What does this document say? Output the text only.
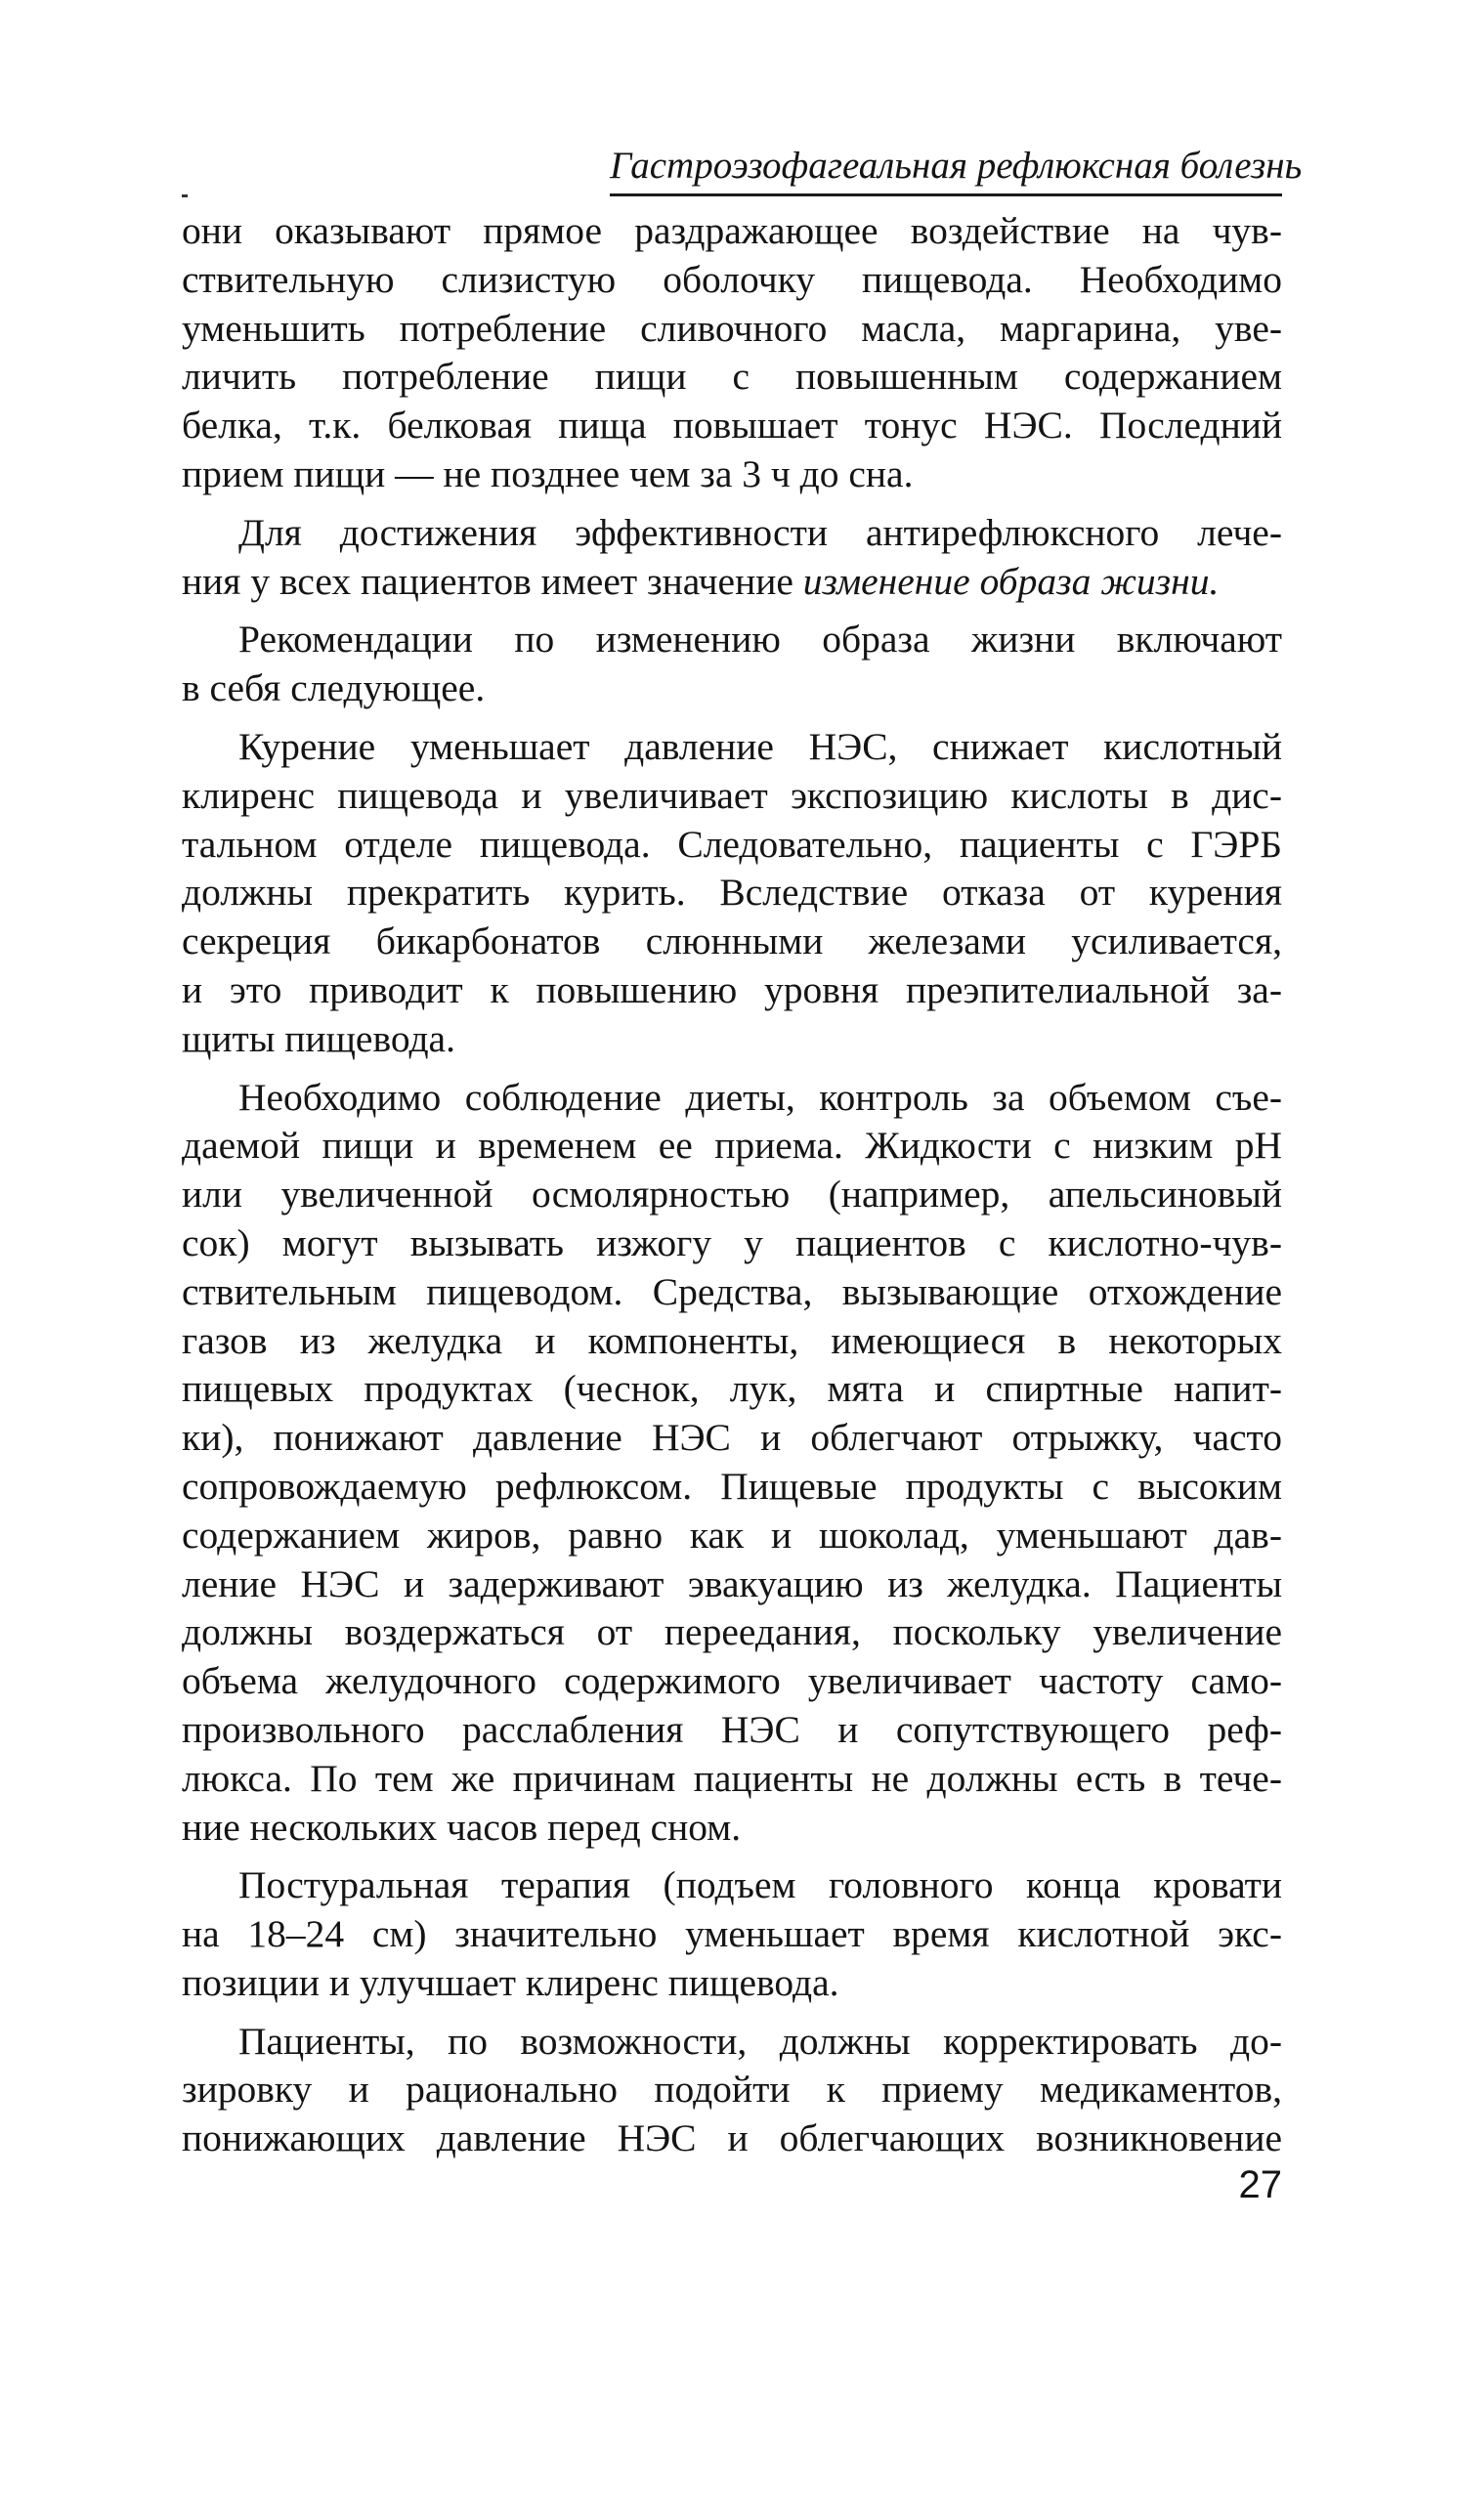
Гастроэзофагеальная рефлюксная болезнь
они оказывают прямое раздражающее воздействие на чув-
ствительную слизистую оболочку пищевода. Необходимо
уменьшить потребление сливочного масла, маргарина, уве-
личить потребление пищи с повышенным содержанием
белка, т.к. белковая пища повышает тонус НЭС. Последний
прием пищи — не позднее чем за 3 ч до сна.
Для достижения эффективности антирефлюксного лече-
ния у всех пациентов имеет значение изменение образа жизни.
Рекомендации по изменению образа жизни включают
в себя следующее.
Курение уменьшает давление НЭС, снижает кислотный
клиренс пищевода и увеличивает экспозицию кислоты в дис-
тальном отделе пищевода. Следовательно, пациенты с ГЭРБ
должны прекратить курить. Вследствие отказа от курения
секреция бикарбонатов слюнными железами усиливается,
и это приводит к повышению уровня преэпителиальной за-
щиты пищевода.
Необходимо соблюдение диеты, контроль за объемом съе-
даемой пищи и временем ее приема. Жидкости с низким pH
или увеличенной осмолярностью (например, апельсиновый
сок) могут вызывать изжогу у пациентов с кислотно-чув-
ствительным пищеводом. Средства, вызывающие отхождение
газов из желудка и компоненты, имеющиеся в некоторых
пищевых продуктах (чеснок, лук, мята и спиртные напит-
ки), понижают давление НЭС и облегчают отрыжку, часто
сопровождаемую рефлюксом. Пищевые продукты с высоким
содержанием жиров, равно как и шоколад, уменьшают дав-
ление НЭС и задерживают эвакуацию из желудка. Пациенты
должны воздержаться от переедания, поскольку увеличение
объема желудочного содержимого увеличивает частоту само-
произвольного расслабления НЭС и сопутствующего реф-
люкса. По тем же причинам пациенты не должны есть в тече-
ние нескольких часов перед сном.
Постуральная терапия (подъем головного конца кровати
на 18–24 см) значительно уменьшает время кислотной экс-
позиции и улучшает клиренс пищевода.
Пациенты, по возможности, должны корректировать до-
зировку и рационально подойти к приему медикаментов,
понижающих давление НЭС и облегчающих возникновение
27
